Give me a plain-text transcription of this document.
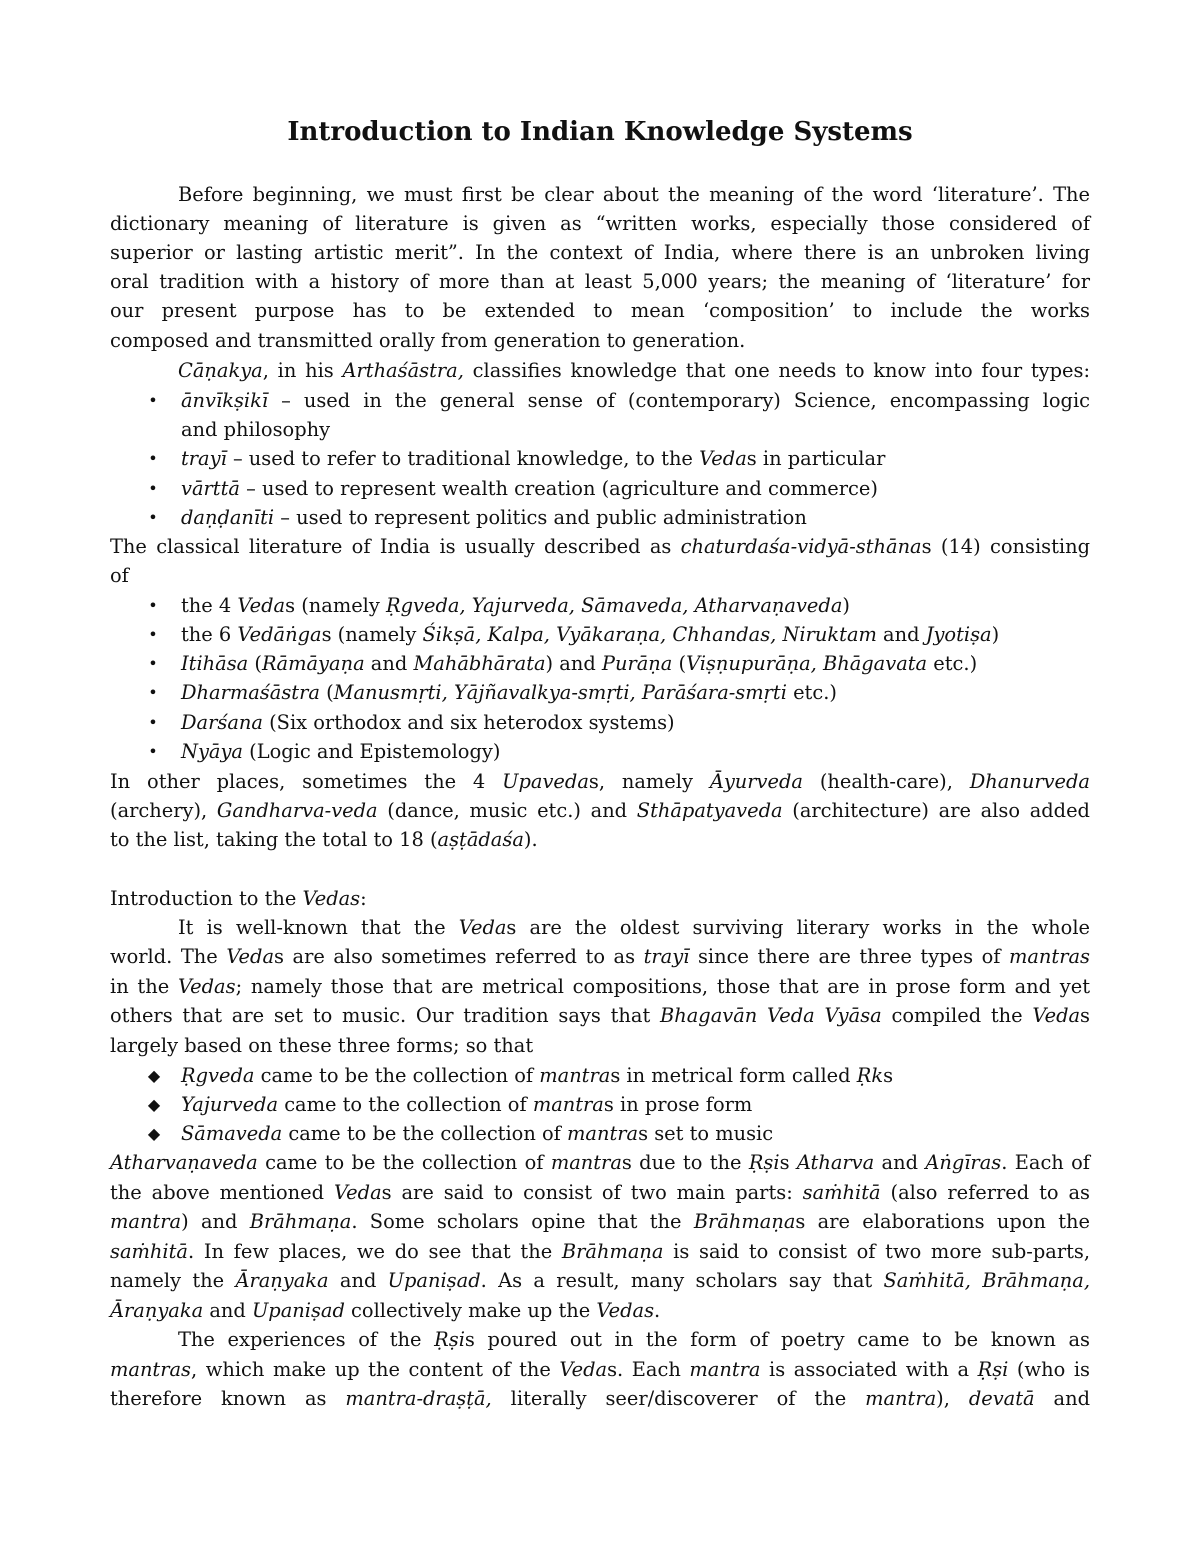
Introduction to Indian Knowledge Systems
Before beginning, we must first be clear about the meaning of the word ‘literature’. The
dictionary meaning of literature is given as “written works, especially those considered of
superior or lasting artistic merit”. In the context of India, where there is an unbroken living
oral tradition with a history of more than at least 5,000 years; the meaning of ‘literature’ for
our present purpose has to be extended to mean ‘composition’ to include the works
composed and transmitted orally from generation to generation.
Cāṇakya, in his Arthaśāstra, classifies knowledge that one needs to know into four types:
• ānvīkṣikī – used in the general sense of (contemporary) Science, encompassing logic
and philosophy
• trayī – used to refer to traditional knowledge, to the Vedas in particular
• vārttā – used to represent wealth creation (agriculture and commerce)
• daṇḍanīti – used to represent politics and public administration
The classical literature of India is usually described as chaturdaśa-vidyā-sthānas (14) consisting
of
• the 4 Vedas (namely Ṛgveda, Yajurveda, Sāmaveda, Atharvaṇaveda)
• the 6 Vedāṅgas (namely Śikṣā, Kalpa, Vyākaraṇa, Chhandas, Niruktam and Jyotiṣa)
• Itihāsa (Rāmāyaṇa and Mahābhārata) and Purāṇa (Viṣṇupurāṇa, Bhāgavata etc.)
• Dharmaśāstra (Manusmṛti, Yājñavalkya-smṛti, Parāśara-smṛti etc.)
• Darśana (Six orthodox and six heterodox systems)
• Nyāya (Logic and Epistemology)
In other places, sometimes the 4 Upavedas, namely Āyurveda (health-care), Dhanurveda
(archery), Gandharva-veda (dance, music etc.) and Sthāpatyaveda (architecture) are also added
to the list, taking the total to 18 (aṣṭādaśa).
Introduction to the Vedas:
It is well-known that the Vedas are the oldest surviving literary works in the whole
world. The Vedas are also sometimes referred to as trayī since there are three types of mantras
in the Vedas; namely those that are metrical compositions, those that are in prose form and yet
others that are set to music. Our tradition says that Bhagavān Veda Vyāsa compiled the Vedas
largely based on these three forms; so that
◆ Ṛgveda came to be the collection of mantras in metrical form called Ṛks
◆ Yajurveda came to the collection of mantras in prose form
◆ Sāmaveda came to be the collection of mantras set to music
Atharvaṇaveda came to be the collection of mantras due to the Ṛṣis Atharva and Aṅgīras. Each of
the above mentioned Vedas are said to consist of two main parts: saṁhitā (also referred to as
mantra) and Brāhmaṇa. Some scholars opine that the Brāhmaṇas are elaborations upon the
saṁhitā. In few places, we do see that the Brāhmaṇa is said to consist of two more sub-parts,
namely the Āraṇyaka and Upaniṣad. As a result, many scholars say that Saṁhitā, Brāhmaṇa,
Āraṇyaka and Upaniṣad collectively make up the Vedas.
The experiences of the Ṛṣis poured out in the form of poetry came to be known as
mantras, which make up the content of the Vedas. Each mantra is associated with a Ṛṣi (who is
therefore known as mantra-draṣṭā, literally seer/discoverer of the mantra), devatā and
